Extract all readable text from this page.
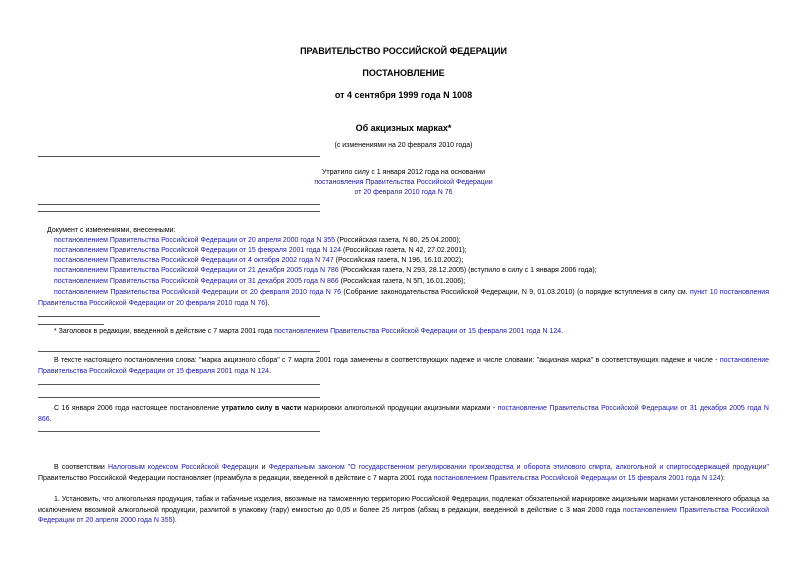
ПРАВИТЕЛЬСТВО РОССИЙСКОЙ ФЕДЕРАЦИИ
ПОСТАНОВЛЕНИЕ
от 4 сентября 1999 года N 1008
Об акцизных марках*
(с изменениями на 20 февраля 2010 года)
Утратило силу с 1 января 2012 года на основании
постановления Правительства Российской Федерации
от 20 февраля 2010 года N 76
Документ с изменениями, внесенными:
постановлением Правительства Российской Федерации от 20 апреля 2000 года N 355 (Российская газета, N 80, 25.04.2000);
постановлением Правительства Российской Федерации от 15 февраля 2001 года N 124 (Российская газета, N 42, 27.02.2001);
постановлением Правительства Российской Федерации от 4 октября 2002 года N 747 (Российская газета, N 196, 16.10.2002);
постановлением Правительства Российской Федерации от 21 декабря 2005 года N 786 (Российская газета, N 293, 28.12.2005) (вступило в силу с 1 января 2006 года);
постановлением Правительства Российской Федерации от 31 декабря 2005 года N 866 (Российская газета, N 5П, 16.01.2006);
постановлением Правительства Российской Федерации от 20 февраля 2010 года N 76 (Собрание законодательства Российской Федерации, N 9, 01.03.2010) (о порядке вступления в силу см. пункт 10 постановления Правительства Российской Федерации от 20 февраля 2010 года N 76).
* Заголовок в редакции, введенной в действие с 7 марта 2001 года постановлением Правительства Российской Федерации от 15 февраля 2001 года N 124.
В тексте настоящего постановления слова: "марка акцизного сбора" с 7 марта 2001 года заменены в соответствующих падеже и числе словами: "акцизная марка" в соответствующих падеже и числе - постановление Правительства Российской Федерации от 15 февраля 2001 года N 124.
С 16 января 2006 года настоящее постановление утратило силу в части маркировки алкогольной продукции акцизными марками - постановление Правительства Российской Федерации от 31 декабря 2005 года N 866.
В соответствии Налоговым кодексом Российской Федерации и Федеральным законом "О государственном регулировании производства и оборота этилового спирта, алкогольной и спиртосодержащей продукции" Правительство Российской Федерации постановляет (преамбула в редакции, введенной в действие с 7 марта 2001 года постановлением Правительства Российской Федерации от 15 февраля 2001 года N 124):
1. Установить, что алкогольная продукция, табак и табачные изделия, ввозимые на таможенную территорию Российской Федерации, подлежат обязательной маркировке акцизными марками установленного образца за исключением ввозимой алкогольной продукции, разлитой в упаковку (тару) емкостью до 0,05 и более 25 литров (абзац в редакции, введенной в действие с 3 мая 2000 года постановлением Правительства Российской Федерации от 20 апреля 2000 года N 355).
